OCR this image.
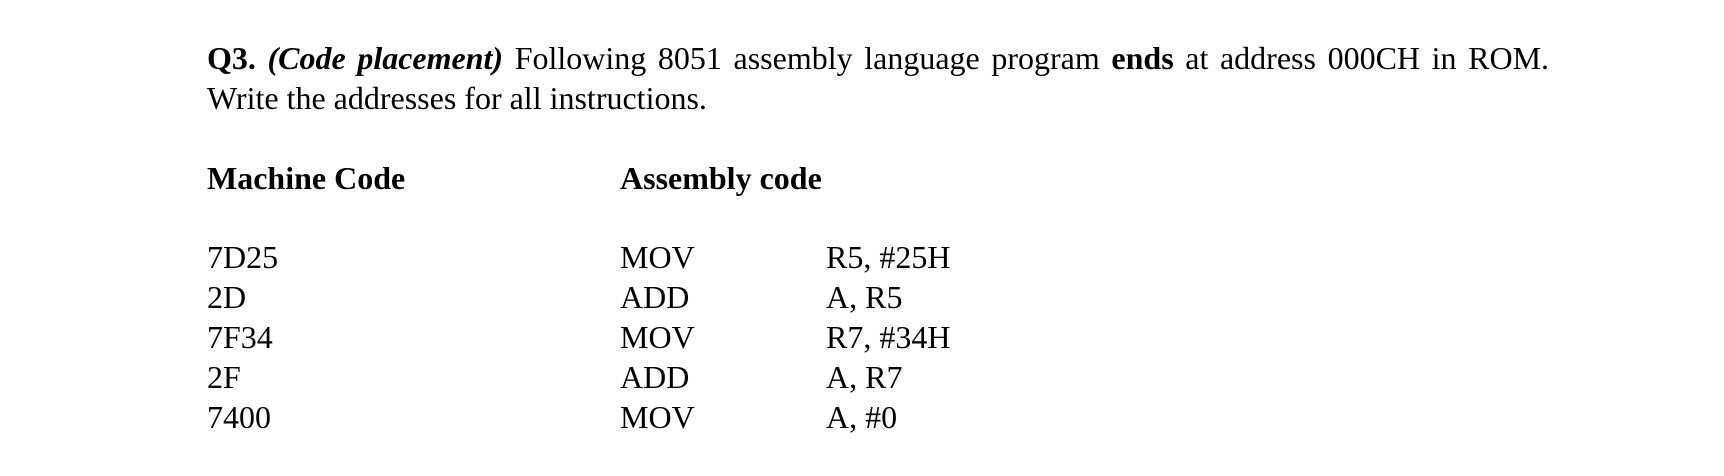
Q3. (Code placement) Following 8051 assembly language program ends at address 000CH in ROM. Write the addresses for all instructions.

Machine Code	Assembly code
7D25	MOV	R5, #25H
2D	ADD	A, R5
7F34	MOV	R7, #34H
2F	ADD	A, R7
7400	MOV	A, #0
